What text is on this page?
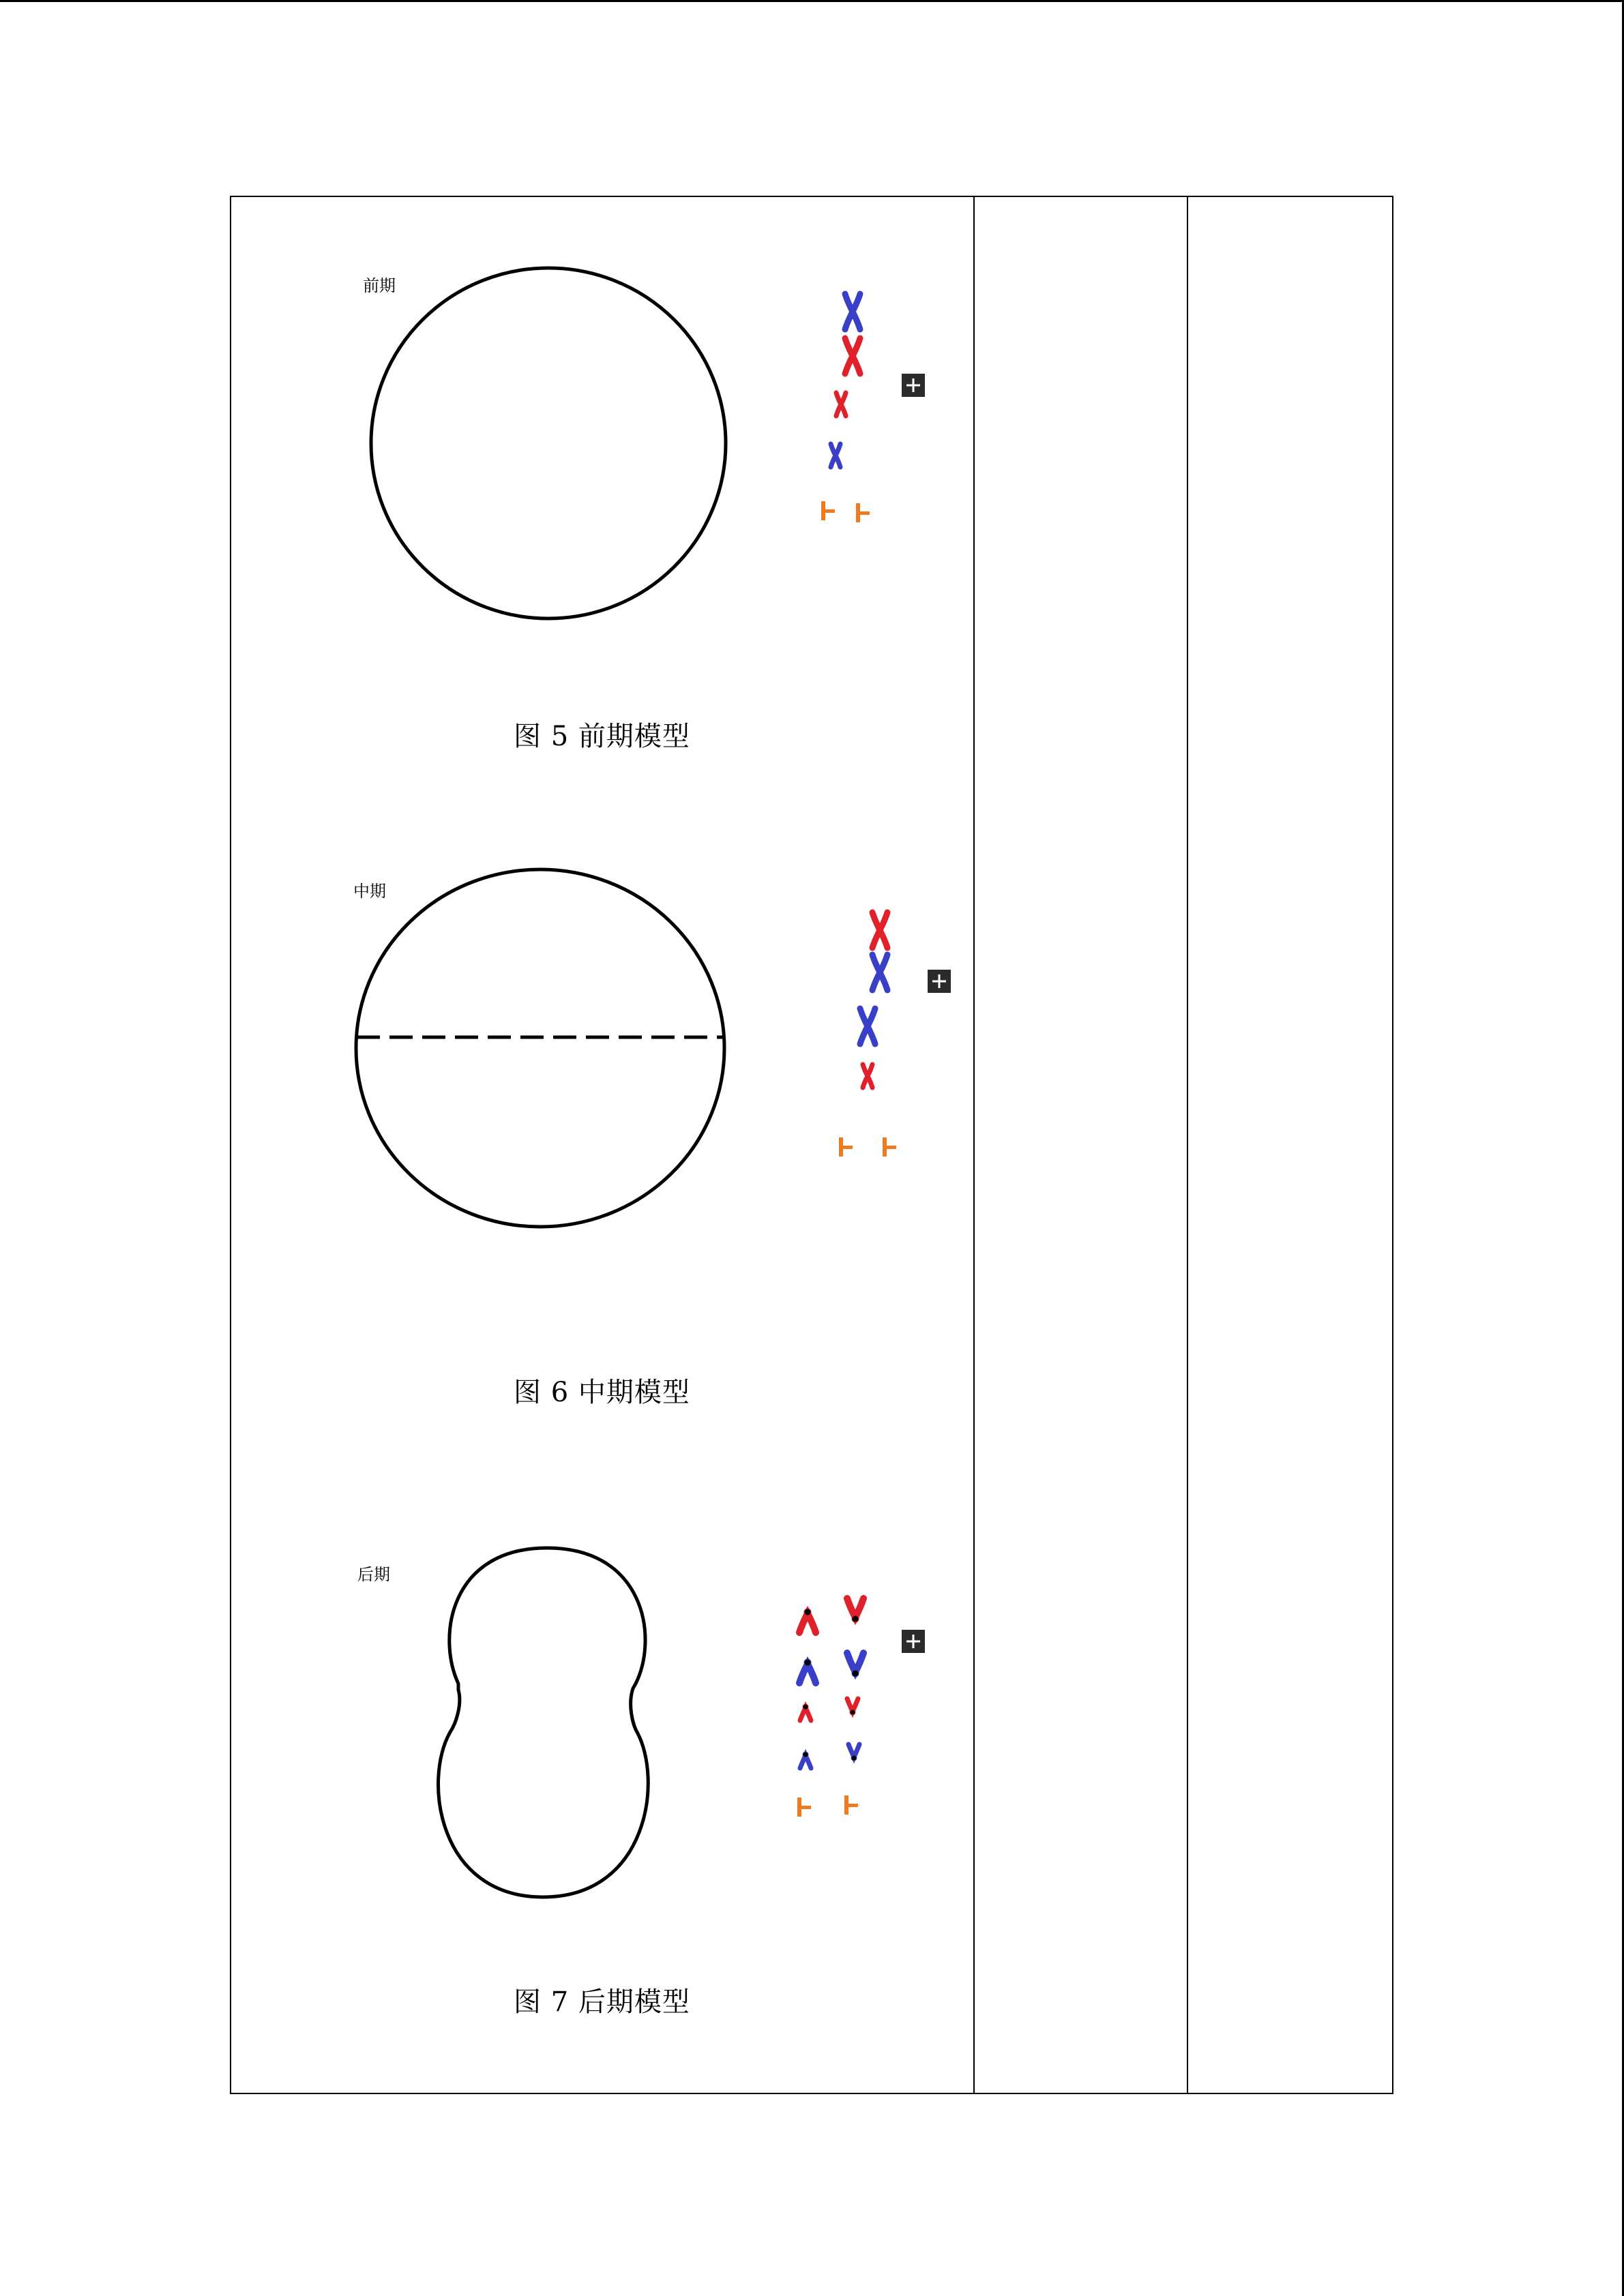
前期
中期
后期
图 5 前期模型
图 6 中期模型
图 7 后期模型
